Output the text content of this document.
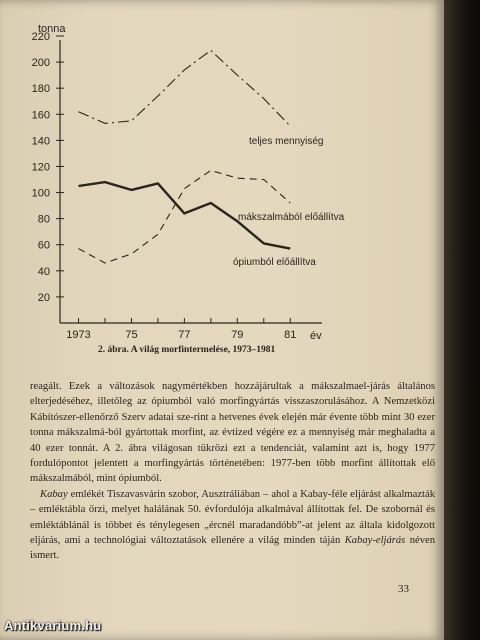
20
40
60
80
100
120
140
160
180
200
220
1973	75	77	79	81
tonna
év
teljes mennyiség
mákszalmából előállítva
ópiumból előállítva
2. ábra. A világ morfintermelése, 1973–1981

reagált. Ezek a változások nagymértékben hozzájárultak a mákszalmael-járás általános elterjedéséhez, illetőleg az ópiumból való morfingyártás visszaszorulásához. A Nemzetközi Kábítószer-ellenőrző Szerv adatai sze-rint a hetvenes évek elején már évente több mint 30 ezer tonna mákszalmá-ból gyártottak morfint, az évtized végére ez a mennyiség már meghaladta a 40 ezer tonnát. A 2. ábra világosan tükrözi ezt a tendenciát, valamint azt is, hogy 1977 fordulópontot jelentett a morfingyártás történetében: 1977-ben több morfint állítottak elő mákszalmából, mint ópiumból.

Kabay emlékét Tiszavasvárin szobor, Ausztráliában – ahol a Kabay-féle eljárást alkalmazták – emléktábla őrzi, melyet halálának 50. évfordulója alkalmával állítottak fel. De szobornál és emléktáblánál is többet és ténylegesen „ércnél maradandóbb”-at jelent az általa kidolgozott eljárás, ami a technológiai változtatások ellenére a világ minden táján Kabay-eljárás néven ismert.

33
Antikvarium.hu
